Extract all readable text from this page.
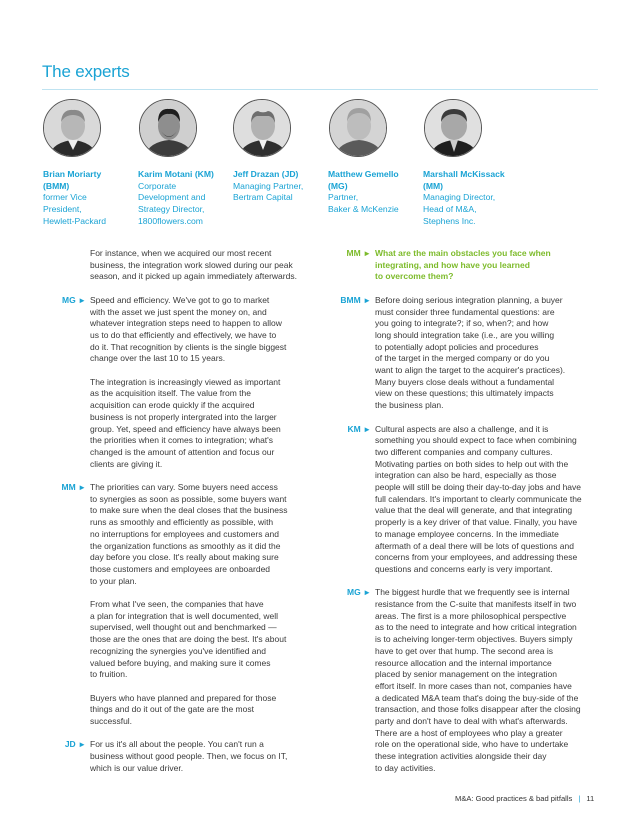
The experts
Brian Moriarty
(BMM)
former Vice
President,
Hewlett-Packard
Karim Motani (KM)
Corporate
Development and
Strategy Director,
1800flowers.com
Jeff Drazan (JD)
Managing Partner,
Bertram Capital
Matthew Gemello
(MG)
Partner,
Baker & McKenzie
Marshall McKissack
(MM)
Managing Director,
Head of M&A,
Stephens Inc.

For instance, when we acquired our most recent
business, the integration work slowed during our peak
season, and it picked up again immediately afterwards.

MG ► Speed and efficiency. We've got to go to market
with the asset we just spent the money on, and
whatever integration steps need to happen to allow
us to do that efficiently and effectively, we have to
do it. That recognition by clients is the single biggest
change over the last 10 to 15 years.

The integration is increasingly viewed as important
as the acquisition itself. The value from the
acquisition can erode quickly if the acquired
business is not properly intergrated into the larger
group. Yet, speed and efficiency have always been
the priorities when it comes to integration; what's
changed is the amount of attention and focus our
clients are giving it.

MM ► The priorities can vary. Some buyers need access
to synergies as soon as possible, some buyers want
to make sure when the deal closes that the business
runs as smoothly and efficiently as possible, with
no interruptions for employees and customers and
the organization functions as smoothly as it did the
day before you close. It's really about making sure
those customers and employees are onboarded
to your plan.

From what I've seen, the companies that have
a plan for integration that is well documented, well
supervised, well thought out and benchmarked —
those are the ones that are doing the best. It's about
recognizing the synergies you've identified and
valued before buying, and making sure it comes
to fruition.

Buyers who have planned and prepared for those
things and do it out of the gate are the most
successful.

JD ► For us it's all about the people. You can't run a
business without good people. Then, we focus on IT,
which is our value driver.

MM ► What are the main obstacles you face when
integrating, and how have you learned
to overcome them?

BMM ► Before doing serious integration planning, a buyer
must consider three fundamental questions: are
you going to integrate?; if so, when?; and how
long should integration take (i.e., are you willing
to potentially adopt policies and procedures
of the target in the merged company or do you
want to align the target to the acquirer's practices).
Many buyers close deals without a fundamental
view on these questions; this ultimately impacts
the business plan.

KM ► Cultural aspects are also a challenge, and it is
something you should expect to face when combining
two different companies and company cultures.
Motivating parties on both sides to help out with the
integration can also be hard, especially as those
people will still be doing their day-to-day jobs and have
full calendars. It's important to clearly communicate the
value that the deal will generate, and that integrating
properly is a key driver of that value. Finally, you have
to manage employee concerns. In the immediate
aftermath of a deal there will be lots of questions and
concerns from your employees, and addressing these
questions and concerns early is very important.

MG ► The biggest hurdle that we frequently see is internal
resistance from the C-suite that manifests itself in two
areas. The first is a more philosophical perspective
as to the need to integrate and how critical integration
is to acheiving longer-term objectives. Buyers simply
have to get over that hump. The second area is
resource allocation and the internal importance
placed by senior management on the integration
effort itself. In more cases than not, companies have
a dedicated M&A team that's doing the buy-side of the
transaction, and those folks disappear after the closing
party and don't have to deal with what's afterwards.
There are a host of employees who play a greater
role on the operational side, who have to undertake
these integration activities alongside their day
to day activities.

M&A: Good practices & bad pitfalls | 11
